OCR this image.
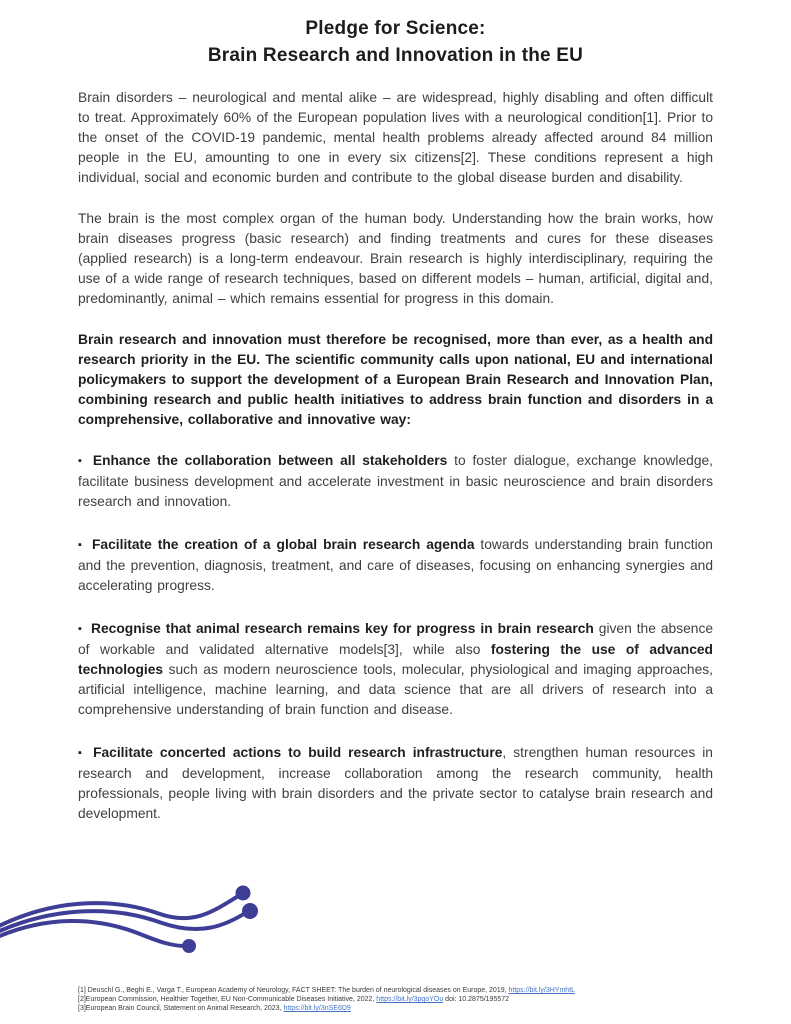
Pledge for Science:
Brain Research and Innovation in the EU

Brain disorders – neurological and mental alike – are widespread, highly disabling and often difficult to treat. Approximately 60% of the European population lives with a neurological condition[1]. Prior to the onset of the COVID-19 pandemic, mental health problems already affected around 84 million people in the EU, amounting to one in every six citizens[2]. These conditions represent a high individual, social and economic burden and contribute to the global disease burden and disability.

The brain is the most complex organ of the human body. Understanding how the brain works, how brain diseases progress (basic research) and finding treatments and cures for these diseases (applied research) is a long-term endeavour. Brain research is highly interdisciplinary, requiring the use of a wide range of research techniques, based on different models – human, artificial, digital and, predominantly, animal – which remains essential for progress in this domain.

Brain research and innovation must therefore be recognised, more than ever, as a health and research priority in the EU. The scientific community calls upon national, EU and international policymakers to support the development of a European Brain Research and Innovation Plan, combining research and public health initiatives to address brain function and disorders in a comprehensive, collaborative and innovative way:

▪ Enhance the collaboration between all stakeholders to foster dialogue, exchange knowledge, facilitate business development and accelerate investment in basic neuroscience and brain disorders research and innovation.

▪ Facilitate the creation of a global brain research agenda towards understanding brain function and the prevention, diagnosis, treatment, and care of diseases, focusing on enhancing synergies and accelerating progress.

▪ Recognise that animal research remains key for progress in brain research given the absence of workable and validated alternative models[3], while also fostering the use of advanced technologies such as modern neuroscience tools, molecular, physiological and imaging approaches, artificial intelligence, machine learning, and data science that are all drivers of research into a comprehensive understanding of brain function and disease.

▪ Facilitate concerted actions to build research infrastructure, strengthen human resources in research and development, increase collaboration among the research community, health professionals, people living with brain disorders and the private sector to catalyse brain research and development.

[1] Deuschl G., Beghi E., Varga T., European Academy of Neurology, FACT SHEET: The burden of neurological diseases on Europe, 2019, https://bit.ly/3HYmhtL
[2]European Commission, Healthier Together, EU Non-Communicable Diseases Initiative, 2022, https://bit.ly/3pqoYOu doi: 10.2875/195572
[3]European Brain Council, Statement on Animal Research, 2023, https://bit.ly/3nSE6D9
